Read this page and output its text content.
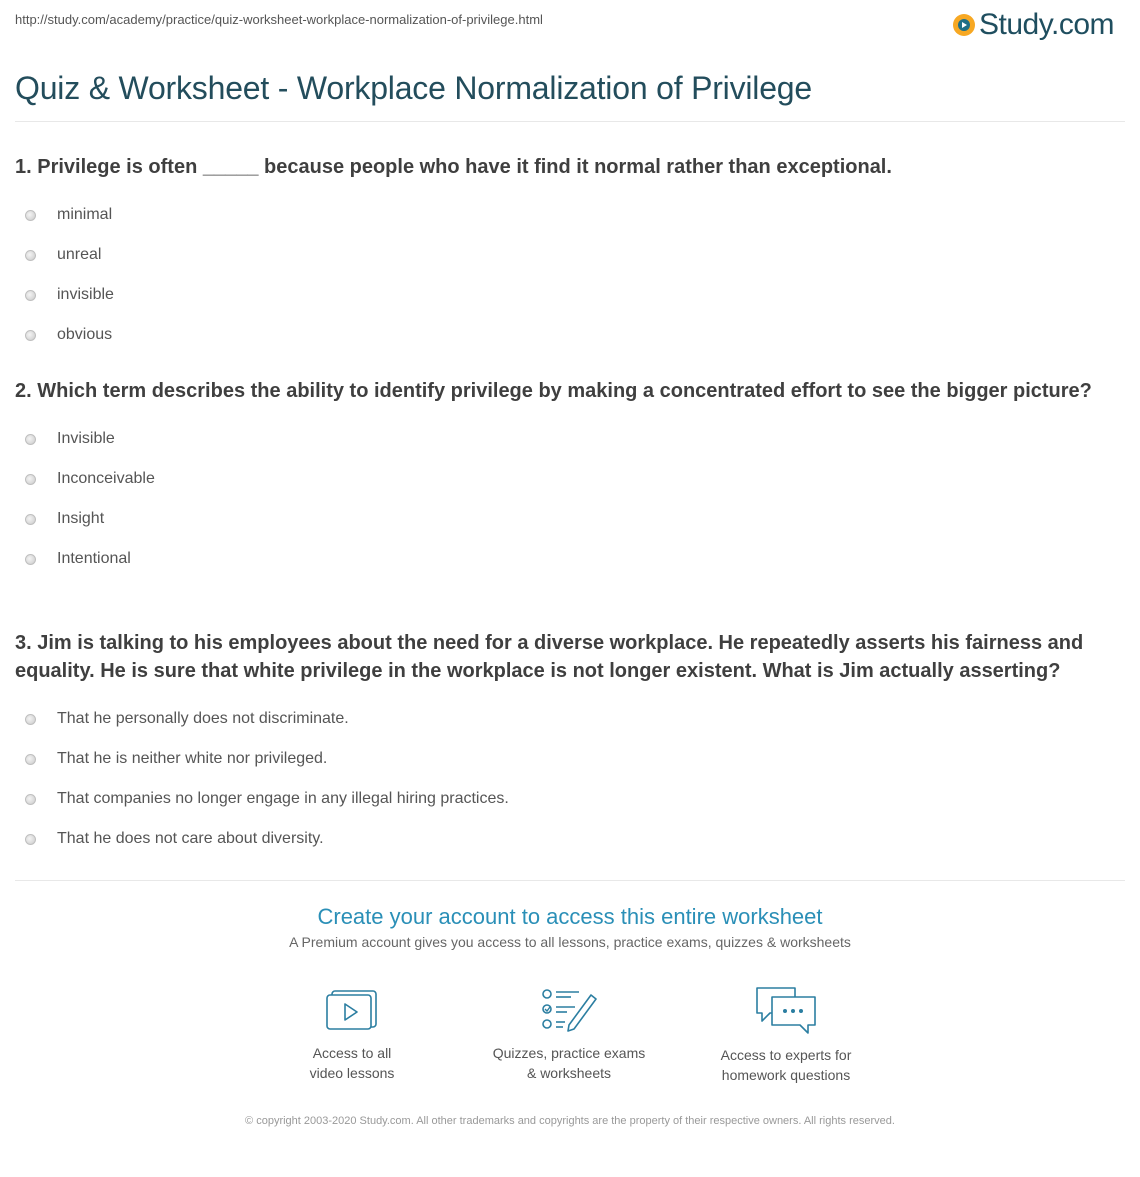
http://study.com/academy/practice/quiz-worksheet-workplace-normalization-of-privilege.html	Study.com
Quiz & Worksheet - Workplace Normalization of Privilege
1. Privilege is often _____ because people who have it find it normal rather than exceptional.
minimal
unreal
invisible
obvious
2. Which term describes the ability to identify privilege by making a concentrated effort to see the bigger picture?
Invisible
Inconceivable
Insight
Intentional
3. Jim is talking to his employees about the need for a diverse workplace. He repeatedly asserts his fairness and equality. He is sure that white privilege in the workplace is not longer existent. What is Jim actually asserting?
That he personally does not discriminate.
That he is neither white nor privileged.
That companies no longer engage in any illegal hiring practices.
That he does not care about diversity.
Create your account to access this entire worksheet
A Premium account gives you access to all lessons, practice exams, quizzes & worksheets
Access to all
video lessons
Quizzes, practice exams
& worksheets
Access to experts for
homework questions
© copyright 2003-2020 Study.com. All other trademarks and copyrights are the property of their respective owners. All rights reserved.
